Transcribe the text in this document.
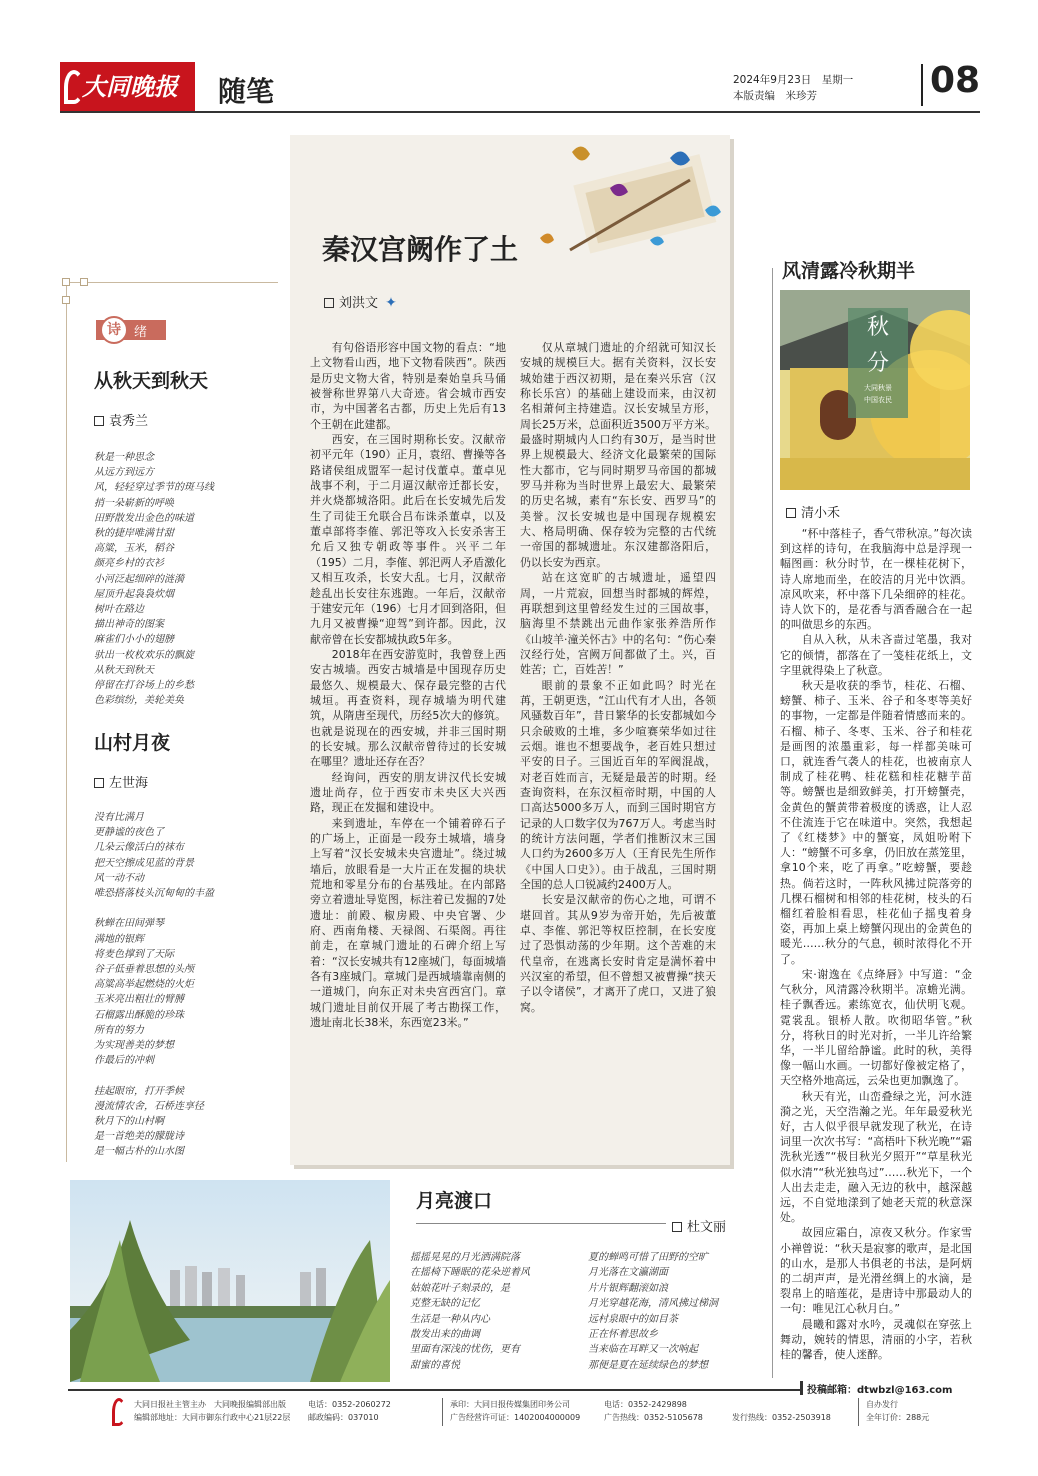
大同晚报	随笔	2024年9月23日　星期一
本版责编　米珍芳	08
诗	绪
从秋天到秋天
袁秀兰
秋是一种思念
从远方到远方
风，轻轻穿过季节的斑马线
捎一朵崭新的呼唤
田野散发出金色的味道
秋的捷岸唯满甘甜
高粱，玉米，稻谷
颜亮乡村的衣衫
小河泛起细碎的涟漪
屋顶升起袅袅炊烟
树叶在路边
描出神奇的图案
麻雀们小小的翅膀
驮出一枚枚欢乐的飘旋
从秋天到秋天
停留在打谷场上的乡愁
色彩缤纷，美轮美奂
山村月夜
左世海
没有比满月
更静谧的夜色了
几朵云像活白的袜布
把天空擦成见蓝的背景
风一动不动
唯恐搭落枝头沉甸甸的丰盈

秋蝉在田间弹琴
满地的银辉
将麦色撑到了天际
谷子低垂着思想的头颅
高粱高举起燃烧的火炬
玉米亮出粗壮的臂膊
石榴露出酥脆的珍珠
所有的努力
为实现善美的梦想
作最后的冲刺

挂起眼帘，打开季候
漫流情农舍，石桥连享径
秋月下的山村啊
是一首绝美的朦胧诗
是一幅古朴的山水图
秦汉宫阙作了土
刘洪文 ✦

有句俗语形容中国文物的看点：“地上文物看山西，地下文物看陕西”。陕西是历史文物大省，特别是秦始皇兵马俑被誉称世界第八大奇迹。省会城市西安市，为中国著名古都，历史上先后有13个王朝在此建都。

西安，在三国时期称长安。汉献帝初平元年（190）正月，袁绍、曹操等各路诸侯组成盟军一起讨伐董卓。董卓见战事不利，于二月逼汉献帝迁都长安，并火烧都城洛阳。此后在长安城先后发生了司徒王允联合吕布诛杀董卓，以及董卓部将李傕、郭汜等攻入长安杀害王允后又独专朝政等事件。兴平二年（195）二月，李傕、郭汜两人矛盾激化又相互攻杀，长安大乱。七月，汉献帝趁乱出长安往东逃跑。一年后，汉献帝于建安元年（196）七月才回到洛阳，但九月又被曹操“迎驾”到许都。因此，汉献帝曾在长安都城执政5年多。

2018年在西安游览时，我曾登上西安古城墙。西安古城墙是中国现存历史最悠久、规模最大、保存最完整的古代城垣。再查资料，现存城墙为明代建筑，从隋唐至现代，历经5次大的修筑。也就是说现在的西安城，并非三国时期的长安城。那么汉献帝曾待过的长安城在哪里？遗址还存在否？

经询问，西安的朋友讲汉代长安城遗址尚存，位于西安市未央区大兴西路，现正在发掘和建设中。

来到遗址，车停在一个铺着碎石子的广场上，正面是一段夯土城墙，墙身上写着“汉长安城未央宫遗址”。绕过城墙后，放眼看是一大片正在发掘的块状荒地和零星分布的台基残址。在内部路旁立着遗址导览图，标注着已发掘的7处遗址：前殿、椒房殿、中央官署、少府、西南角楼、天禄阁、石渠阁。再往前走，在章城门遗址的石碑介绍上写着：“汉长安城共有12座城门，每面城墙各有3座城门。章城门是西城墙靠南侧的一道城门，向东正对未央宫西宫门。章城门遗址目前仅开展了考古勘探工作，遗址南北长38米，东西宽23米。”

仅从章城门遗址的介绍就可知汉长安城的规模巨大。据有关资料，汉长安城始建于西汉初期，是在秦兴乐宫（汉称长乐宫）的基础上建设而来，由汉初名相萧何主持建造。汉长安城呈方形，周长25万米，总面积近3500万平方米。最盛时期城内人口约有30万，是当时世界上规模最大、经济文化最繁荣的国际性大都市，它与同时期罗马帝国的都城罗马并称为当时世界上最宏大、最繁荣的历史名城，素有“东长安、西罗马”的美誉。汉长安城也是中国现存规模宏大、格局明确、保存较为完整的古代统一帝国的都城遗址。东汉建都洛阳后，仍以长安为西京。

站在这宽旷的古城遗址，遥望四周，一片荒寂，回想当时都城的辉煌，再联想到这里曾经发生过的三国故事，脑海里不禁跳出元曲作家张养浩所作《山坡羊·潼关怀古》中的名句：“伤心秦汉经行处，宫阙万间都做了土。兴，百姓苦；亡，百姓苦！”

眼前的景象不正如此吗？时光在苒，王朝更迭，“江山代有才人出，各领风骚数百年”，昔日繁华的长安都城如今只余破败的土堆，多少喧赛荣华如过往云烟。谁也不想要战争，老百姓只想过平安的日子。三国近百年的军阀混战，对老百姓而言，无疑是最苦的时期。经查询资料，在东汉桓帝时期，中国的人口高达5000多万人，而到三国时期官方记录的人口数字仅为767万人。考虑当时的统计方法问题，学者们推断汉末三国人口约为2600多万人（王育民先生所作《中国人口史》）。由于战乱，三国时期全国的总人口锐减约2400万人。

长安是汉献帝的伤心之地，可谓不堪回首。其从9岁为帝开始，先后被董卓、李傕、郭汜等权臣控制，在长安度过了恐惧动荡的少年期。这个苦难的末代皇帝，在逃离长安时肯定是满怀着中兴汉室的希望，但不曾想又被曹操“挟天子以令诸侯”，才离开了虎口，又进了狼窝。

风清露冷秋期半
秋
分
大同秋景
中国农民
清小禾

“杯中落桂子，香气带秋凉。”每次读到这样的诗句，在我脑海中总是浮现一幅图画：秋分时节，在一棵桂花树下，诗人席地而坐，在皎洁的月光中饮酒。凉风吹来，杯中落下几朵细碎的桂花。诗人饮下的，是花香与酒香融合在一起的叫做思乡的东西。

自从入秋，从未吝啬过笔墨，我对它的倾情，都落在了一笺桂花纸上，文字里就得染上了秋意。

秋天是收获的季节，桂花、石榴、螃蟹、柿子、玉米、谷子和冬枣等美好的事物，一定都是伴随着情感而来的。石榴、柿子、冬枣、玉米、谷子和桂花是画图的浓墨重彩，每一样都美味可口，就连香气袭人的桂花，也被南京人制成了桂花鸭、桂花糕和桂花糖芋苗等。螃蟹也是细致鲜美，打开螃蟹壳，金黄色的蟹黄带着极度的诱惑，让人忍不住流连于它在味道中。突然，我想起了《红楼梦》中的蟹宴，凤姐吩咐下人：“螃蟹不可多拿，仍旧放在蒸笼里，拿10个来，吃了再拿。”吃螃蟹，要趁热。倘若这时，一阵秋风拂过院落旁的几棵石榴树和相邻的桂花树，枝头的石榴红着脸相看思，桂花仙子摇曳着身姿，再加上桌上螃蟹闪现出的金黄色的暖光……秋分的气息，顿时浓得化不开了。

宋·谢逸在《点绛唇》中写道：“金气秋分，风清露冷秋期半。凉蟾光满。桂子飘香远。素练宽衣，仙伏明飞观。霓裳乱。银桥人散。吹彻昭华管。”秋分，将秋日的时光对折，一半儿许给繁华，一半儿留给静谧。此时的秋，美得像一幅山水画。一切都好像被定格了，天空格外地高远，云朵也更加飘逸了。

秋天有光，山峦叠绿之光，河水涟漪之光，天空浩瀚之光。年年最爱秋光好，古人似乎很早就发现了秋光，在诗词里一次次书写：“高梧叶下秋光晚”“霜洗秋光透”“极目秋光夕照开”“草星秋光似水清”“秋光独鸟过”……秋光下，一个人出去走走，融入无边的秋中，越深越远，不自觉地漾到了她老天荒的秋意深处。

故园应霜白，凉夜又秋分。作家雪小禅曾说：“秋天是寂寥的歌声，是北国的山水，是那人书俱老的书法，是阿炳的二胡声声，是光滑丝绸上的水滴，是裂帛上的暗莲花，是唐诗中那最动人的一句：唯见江心秋月白。”

晨曦和露对水吟，灵魂似在穿弦上舞动，婉转的情思，清丽的小字，若秋桂的馨香，使人迷醉。

月亮渡口
杜文丽
摇摇晃晃的月光洒满院落
在摇椅下睡眠的花朵逆着风
姑娘花叶子刻录的，是
克整无缺的记忆
生活是一种从内心
散发出来的曲调
里面有深浅的忧伤，更有
甜蜜的喜悦
夏的蝉鸣可惜了田野的空旷
月光落在文瀛湖面
片片银辉翻滚如浪
月光穿越花海，清风拂过梯洞
远村泉眼中的如目茶
正在怀着思故乡
当来临在耳畔又一次响起
那便是夏在延续绿色的梦想
投稿邮箱：dtwbzl@163.com
大同日报社主管主办　大同晚报编辑部出版	电话：0352-2060272
编辑部地址：大同市御东行政中心21层22层 邮政编码：037010
承印：大同日报传媒集团印务公司	电话：0352-2429898
广告经营许可证：1402004000009	广告热线：0352-5105678	发行热线：0352-2503918
自办发行
全年订价：288元
